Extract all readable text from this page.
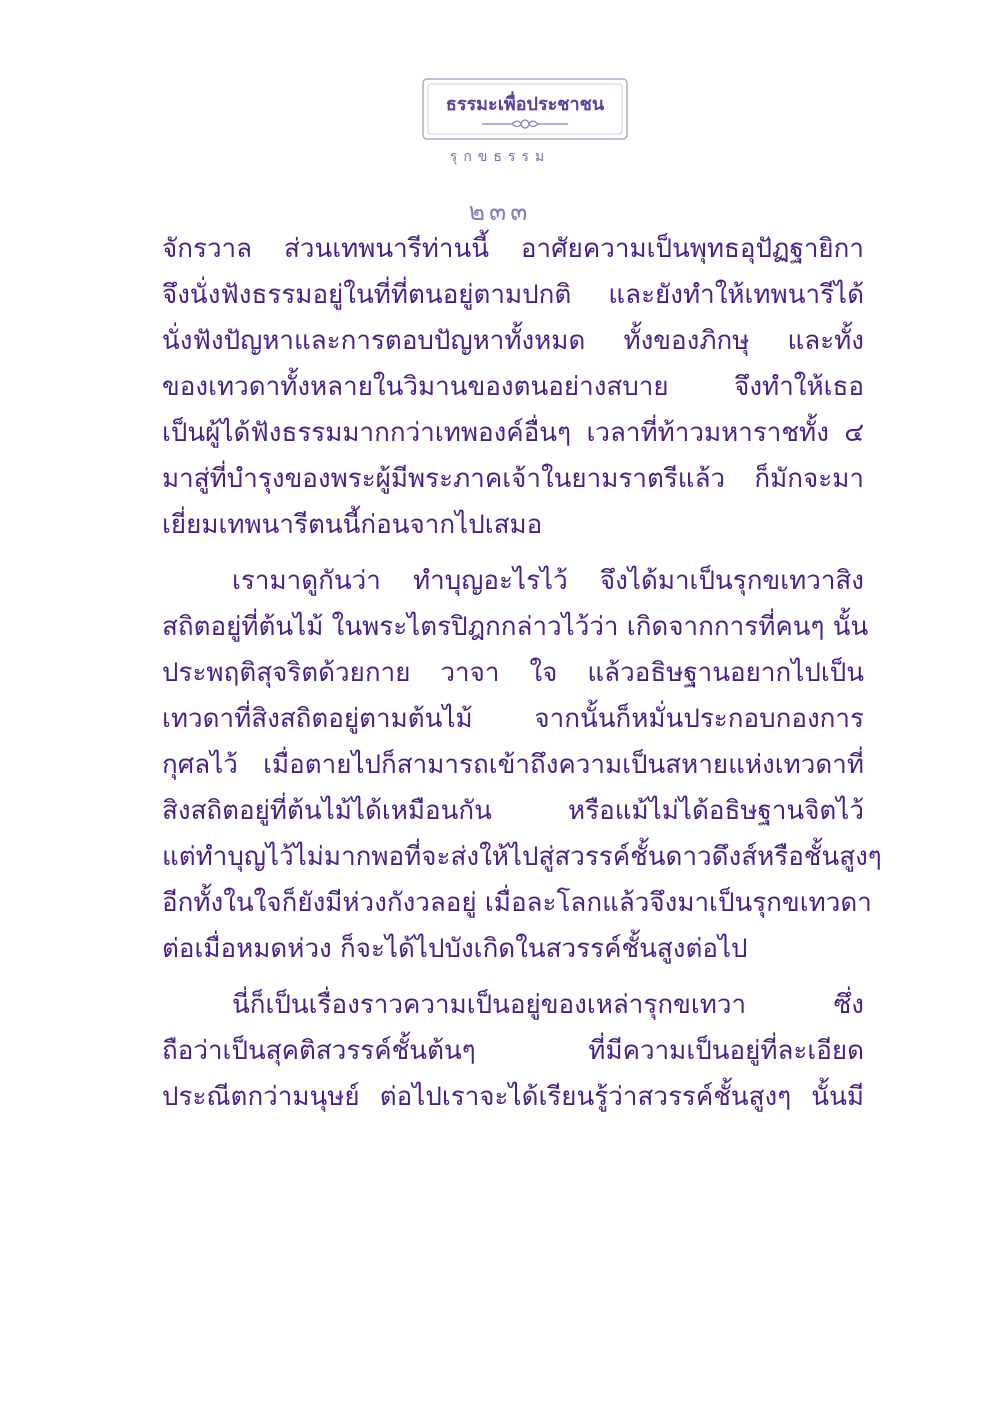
ธรรมะเพื่อประชาชน
รุกขธรรม
๒๓๓
จักรวาล ส่วนเทพนารีท่านนี้ อาศัยความเป็นพุทธอุปัฏฐายิกา
จึงนั่งฟังธรรมอยู่ในที่ที่ตนอยู่ตามปกติ และยังทำให้เทพนารีได้
นั่งฟังปัญหาและการตอบปัญหาทั้งหมด ทั้งของภิกษุ และทั้ง
ของเทวดาทั้งหลายในวิมานของตนอย่างสบาย จึงทำให้เธอ
เป็นผู้ได้ฟังธรรมมากกว่าเทพองค์อื่นๆ เวลาที่ท้าวมหาราชทั้ง ๔
มาสู่ที่บำรุงของพระผู้มีพระภาคเจ้าในยามราตรีแล้ว ก็มักจะมา
เยี่ยมเทพนารีตนนี้ก่อนจากไปเสมอ
เรามาดูกันว่า ทำบุญอะไรไว้ จึงได้มาเป็นรุกขเทวาสิง
สถิตอยู่ที่ต้นไม้ ในพระไตรปิฎกกล่าวไว้ว่า เกิดจากการที่คนๆ นั้น
ประพฤติสุจริตด้วยกาย วาจา ใจ แล้วอธิษฐานอยากไปเป็น
เทวดาที่สิงสถิตอยู่ตามต้นไม้ จากนั้นก็หมั่นประกอบกองการ
กุศลไว้ เมื่อตายไปก็สามารถเข้าถึงความเป็นสหายแห่งเทวดาที่
สิงสถิตอยู่ที่ต้นไม้ได้เหมือนกัน หรือแม้ไม่ได้อธิษฐานจิตไว้
แต่ทำบุญไว้ไม่มากพอที่จะส่งให้ไปสู่สวรรค์ชั้นดาวดึงส์หรือชั้นสูงๆ
อีกทั้งในใจก็ยังมีห่วงกังวลอยู่ เมื่อละโลกแล้วจึงมาเป็นรุกขเทวดา
ต่อเมื่อหมดห่วง ก็จะได้ไปบังเกิดในสวรรค์ชั้นสูงต่อไป
นี่ก็เป็นเรื่องราวความเป็นอยู่ของเหล่ารุกขเทวา ซึ่ง
ถือว่าเป็นสุคติสวรรค์ชั้นต้นๆ ที่มีความเป็นอยู่ที่ละเอียด
ประณีตกว่ามนุษย์ ต่อไปเราจะได้เรียนรู้ว่าสวรรค์ชั้นสูงๆ นั้นมี
